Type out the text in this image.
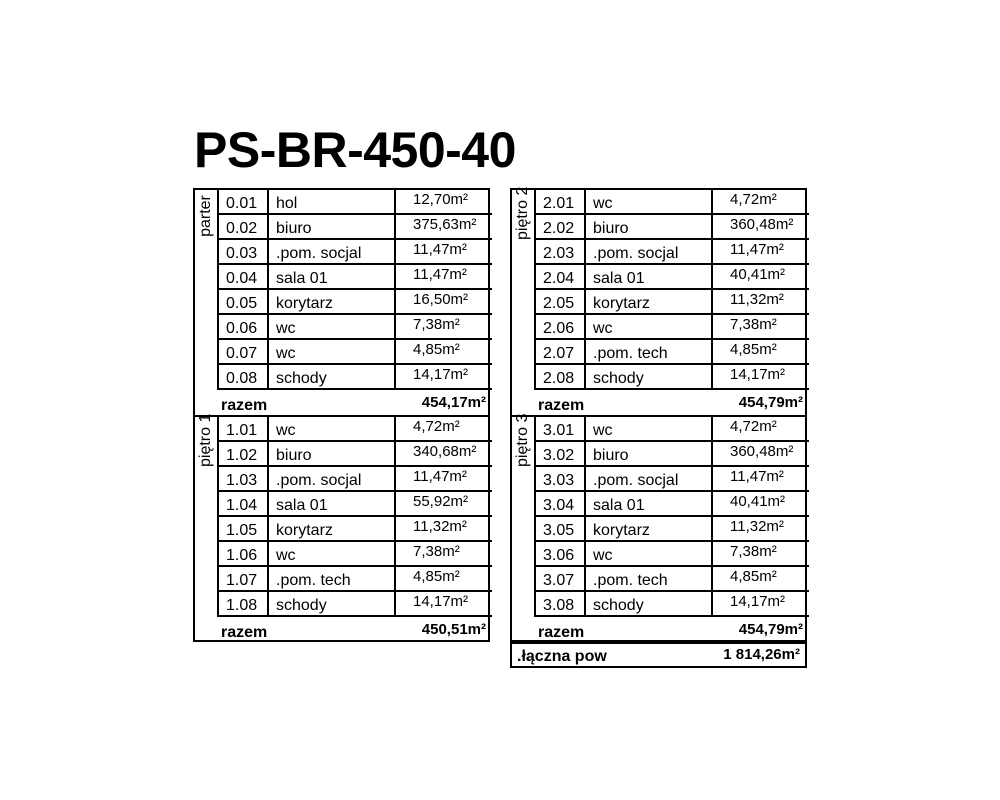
PS-BR-450-40
parter 0.01	hol	12,70m²
0.02	biuro	375,63m²
0.03	.pom. socjal	11,47m²
0.04	sala 01	11,47m²
0.05	korytarz	16,50m²
0.06	wc	7,38m²
0.07	wc	4,85m²
0.08	schody	14,17m²
razem	454,17m²
piętro 1 1.01	wc	4,72m²
1.02	biuro	340,68m²
1.03	.pom. socjal	11,47m²
1.04	sala 01	55,92m²
1.05	korytarz	11,32m²
1.06	wc	7,38m²
1.07	.pom. tech	4,85m²
1.08	schody	14,17m²
razem	450,51m²
piętro 2 2.01	wc	4,72m²
2.02	biuro	360,48m²
2.03	.pom. socjal	11,47m²
2.04	sala 01	40,41m²
2.05	korytarz	11,32m²
2.06	wc	7,38m²
2.07	.pom. tech	4,85m²
2.08	schody	14,17m²
razem	454,79m²
piętro 3 3.01	wc	4,72m²
3.02	biuro	360,48m²
3.03	.pom. socjal	11,47m²
3.04	sala 01	40,41m²
3.05	korytarz	11,32m²
3.06	wc	7,38m²
3.07	.pom. tech	4,85m²
3.08	schody	14,17m²
razem	454,79m²
.łączna pow	1 814,26m²
